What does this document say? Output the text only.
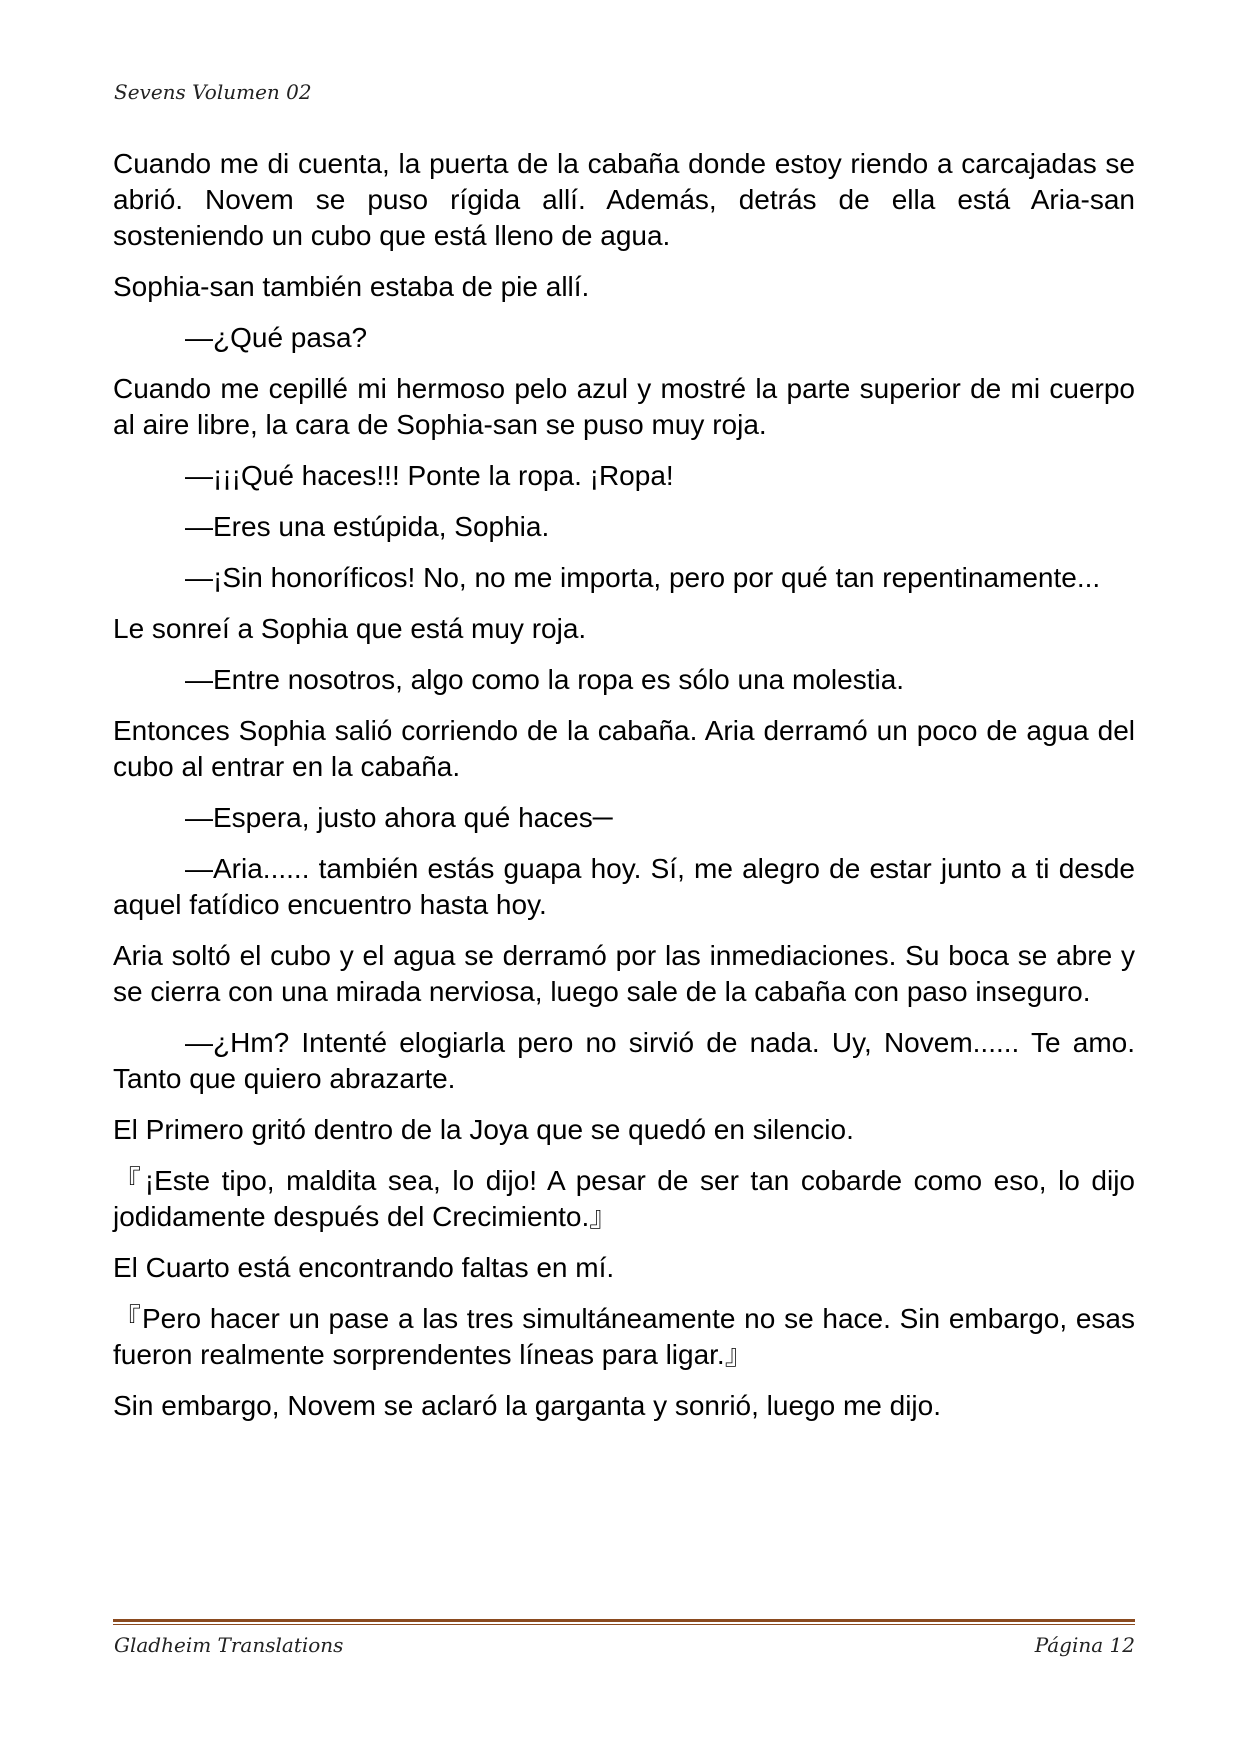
Sevens Volumen 02

Cuando me di cuenta, la puerta de la cabaña donde estoy riendo a carcajadas se abrió. Novem se puso rígida allí. Además, detrás de ella está Aria-san sosteniendo un cubo que está lleno de agua.

Sophia-san también estaba de pie allí.

—¿Qué pasa?

Cuando me cepillé mi hermoso pelo azul y mostré la parte superior de mi cuerpo al aire libre, la cara de Sophia-san se puso muy roja.

—¡¡¡Qué haces!!! Ponte la ropa. ¡Ropa!

—Eres una estúpida, Sophia.

—¡Sin honoríficos! No, no me importa, pero por qué tan repentinamente...

Le sonreí a Sophia que está muy roja.

—Entre nosotros, algo como la ropa es sólo una molestia.

Entonces Sophia salió corriendo de la cabaña. Aria derramó un poco de agua del cubo al entrar en la cabaña.

—Espera, justo ahora qué haces─

—Aria...... también estás guapa hoy. Sí, me alegro de estar junto a ti desde aquel fatídico encuentro hasta hoy.

Aria soltó el cubo y el agua se derramó por las inmediaciones. Su boca se abre y se cierra con una mirada nerviosa, luego sale de la cabaña con paso inseguro.

—¿Hm? Intenté elogiarla pero no sirvió de nada. Uy, Novem...... Te amo. Tanto que quiero abrazarte.

El Primero gritó dentro de la Joya que se quedó en silencio.

『¡Este tipo, maldita sea, lo dijo! A pesar de ser tan cobarde como eso, lo dijo jodidamente después del Crecimiento.』

El Cuarto está encontrando faltas en mí.

『Pero hacer un pase a las tres simultáneamente no se hace. Sin embargo, esas fueron realmente sorprendentes líneas para ligar.』

Sin embargo, Novem se aclaró la garganta y sonrió, luego me dijo.

Gladheim Translations	Página 12
